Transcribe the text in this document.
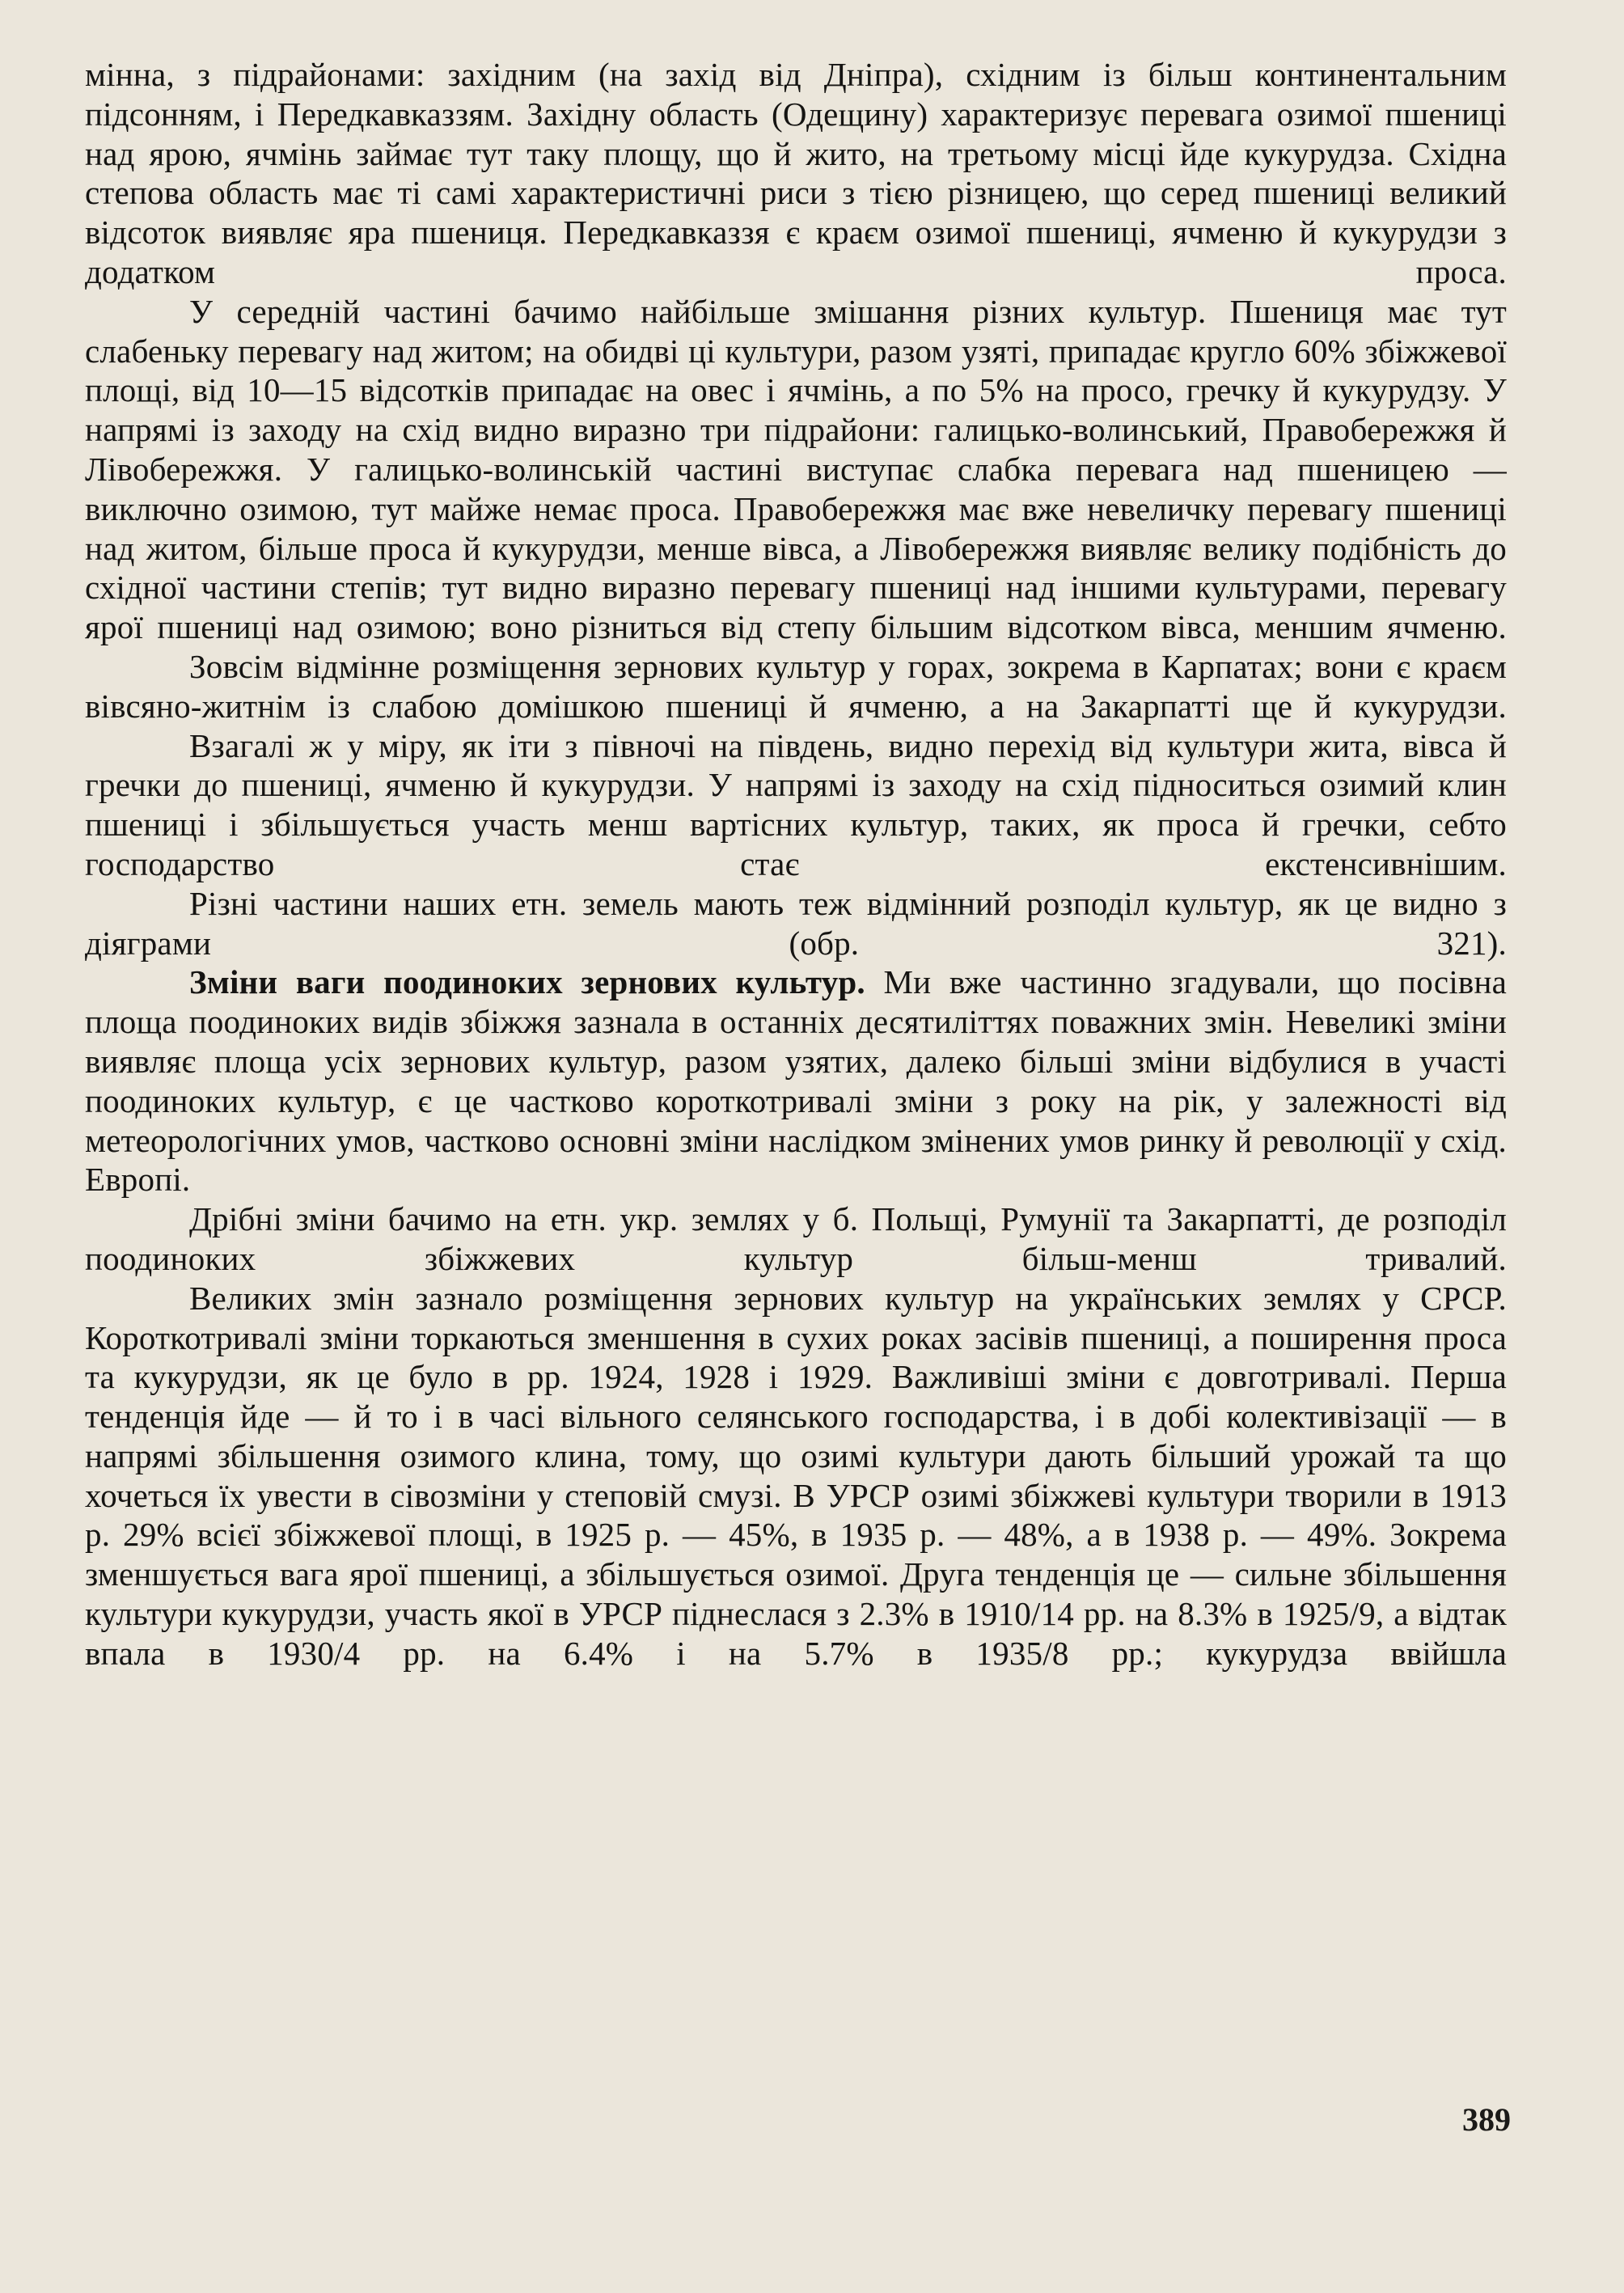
мінна, з підрайонами: західним (на захід від Дніпра), східним із більш континентальним підсонням, і Передкавказзям. Західну область (Одещину) характеризує перевага озимої пшениці над ярою, ячмінь займає тут таку площу, що й жито, на третьому місці йде кукурудза. Східна степова область має ті самі характеристичні риси з тією різницею, що серед пшениці великий відсоток виявляє яра пшениця. Передкавказзя є краєм озимої пшениці, ячменю й кукурудзи з додатком проса.

У середній частині бачимо найбільше змішання різних культур. Пшениця має тут слабеньку перевагу над житом; на обидві ці культури, разом узяті, припадає кругло 60% збіжжевої площі, від 10—15 відсотків припадає на овес і ячмінь, а по 5% на просо, гречку й кукурудзу. У напрямі із заходу на схід видно виразно три підрайони: галицько-волинський, Правобережжя й Лівобережжя. У галицько-волинській частині виступає слабка перевага над пшеницею — виключно озимою, тут майже немає проса. Правобережжя має вже невеличку перевагу пшениці над житом, більше проса й кукурудзи, менше вівса, а Лівобережжя виявляє велику подібність до східної частини степів; тут видно виразно перевагу пшениці над іншими культурами, перевагу ярої пшениці над озимою; воно різниться від степу більшим відсотком вівса, меншим ячменю.

Зовсім відмінне розміщення зернових культур у горах, зокрема в Карпатах; вони є краєм вівсяно-житнім із слабою домішкою пшениці й ячменю, а на Закарпатті ще й кукурудзи.

Взагалі ж у міру, як іти з півночі на південь, видно перехід від культури жита, вівса й гречки до пшениці, ячменю й кукурудзи. У напрямі із заходу на схід підноситься озимий клин пшениці і збільшується участь менш вартісних культур, таких, як проса й гречки, себто господарство стає екстенсивнішим.

Різні частини наших етн. земель мають теж відмінний розподіл культур, як це видно з діяграми (обр. 321).

Зміни ваги поодиноких зернових культур. Ми вже частинно згадували, що посівна площа поодиноких видів збіжжя зазнала в останніх десятиліттях поважних змін. Невеликі зміни виявляє площа усіх зернових культур, разом узятих, далеко більші зміни відбулися в участі поодиноких культур, є це частково короткотривалі зміни з року на рік, у залежності від метеорологічних умов, частково основні зміни наслідком змінених умов ринку й революції у схід. Европі.

Дрібні зміни бачимо на етн. укр. землях у б. Польщі, Румунії та Закарпатті, де розподіл поодиноких збіжжевих культур більш-менш тривалий.

Великих змін зазнало розміщення зернових культур на українських землях у СРСР. Короткотривалі зміни торкаються зменшення в сухих роках засівів пшениці, а поширення проса та кукурудзи, як це було в рр. 1924, 1928 і 1929. Важливіші зміни є довготривалі. Перша тенденція йде — й то і в часі вільного селянського господарства, і в добі колективізації — в напрямі збільшення озимого клина, тому, що озимі культури дають більший урожай та що хочеться їх увести в сівозміни у степовій смузі. В УРСР озимі збіжжеві культури творили в 1913 р. 29% всієї збіжжевої площі, в 1925 р. — 45%, в 1935 р. — 48%, а в 1938 р. — 49%. Зокрема зменшується вага ярої пшениці, а збільшується озимої. Друга тенденція це — сильне збільшення культури кукурудзи, участь якої в УРСР піднеслася з 2.3% в 1910/14 рр. на 8.3% в 1925/9, а відтак впала в 1930/4 рр. на 6.4% і на 5.7% в 1935/8 рр.; кукурудза ввійшла

389
